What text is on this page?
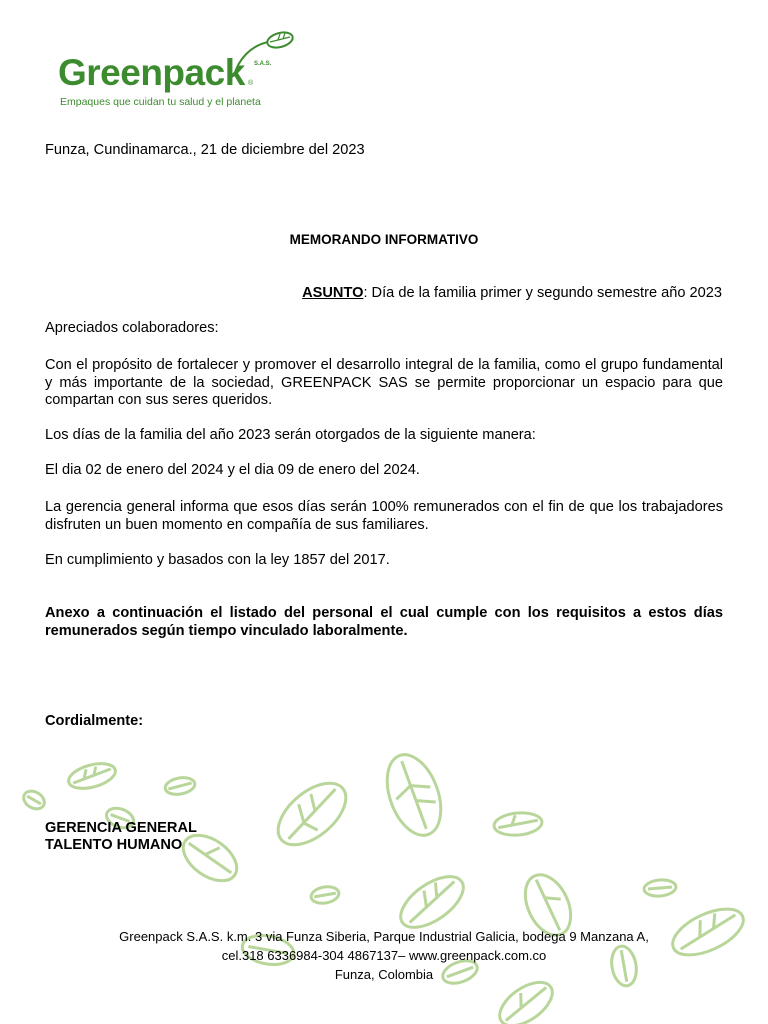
Greenpack S.A.S.
®
Empaques que cuidan tu salud y el planeta
Funza, Cundinamarca., 21 de diciembre del 2023
MEMORANDO INFORMATIVO
ASUNTO: Día de la familia primer y segundo semestre año 2023
Apreciados colaboradores:
Con el propósito de fortalecer y promover el desarrollo integral de la familia, como el grupo fundamental y más importante de la sociedad, GREENPACK SAS se permite proporcionar un espacio para que compartan con sus seres queridos.
Los días de la familia del año 2023 serán otorgados de la siguiente manera:
El dia 02 de enero del 2024 y el dia 09 de enero del 2024.
La gerencia general informa que esos días serán 100% remunerados con el fin de que los trabajadores disfruten un buen momento en compañía de sus familiares.
En cumplimiento y basados con la ley 1857 del 2017.
Anexo a continuación el listado del personal el cual cumple con los requisitos a estos días remunerados según tiempo vinculado laboralmente.
Cordialmente:
GERENCIA GENERAL
TALENTO HUMANO
Greenpack S.A.S. k.m. 3 via Funza Siberia, Parque Industrial Galicia, bodega 9 Manzana A,
cel.318 6336984-304 4867137– www.greenpack.com.co
Funza, Colombia
